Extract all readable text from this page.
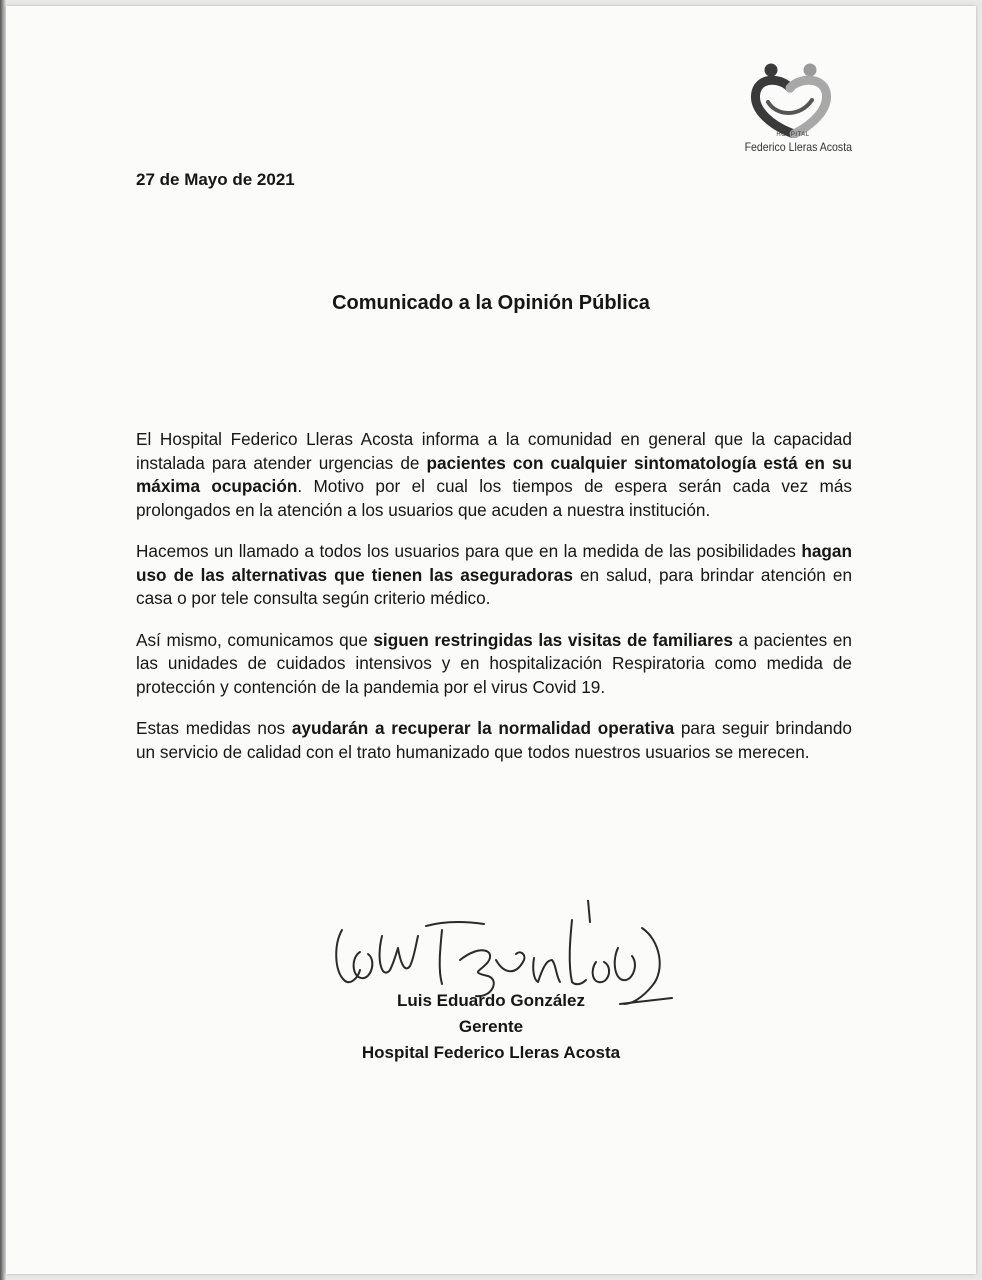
HOSPITAL
Federico Lleras Acosta
27 de Mayo de 2021
Comunicado a la Opinión Pública

El Hospital Federico Lleras Acosta informa a la comunidad en general que la capacidad instalada para atender urgencias de pacientes con cualquier sintomatología está en su máxima ocupación. Motivo por el cual los tiempos de espera serán cada vez más prolongados en la atención a los usuarios que acuden a nuestra institución.

Hacemos un llamado a todos los usuarios para que en la medida de las posibilidades hagan uso de las alternativas que tienen las aseguradoras en salud, para brindar atención en casa o por tele consulta según criterio médico.

Así mismo, comunicamos que siguen restringidas las visitas de familiares a pacientes en las unidades de cuidados intensivos y en hospitalización Respiratoria como medida de protección y contención de la pandemia por el virus Covid 19.

Estas medidas nos ayudarán a recuperar la normalidad operativa para seguir brindando un servicio de calidad con el trato humanizado que todos nuestros usuarios se merecen.

Luis Eduardo González
Gerente
Hospital Federico Lleras Acosta
